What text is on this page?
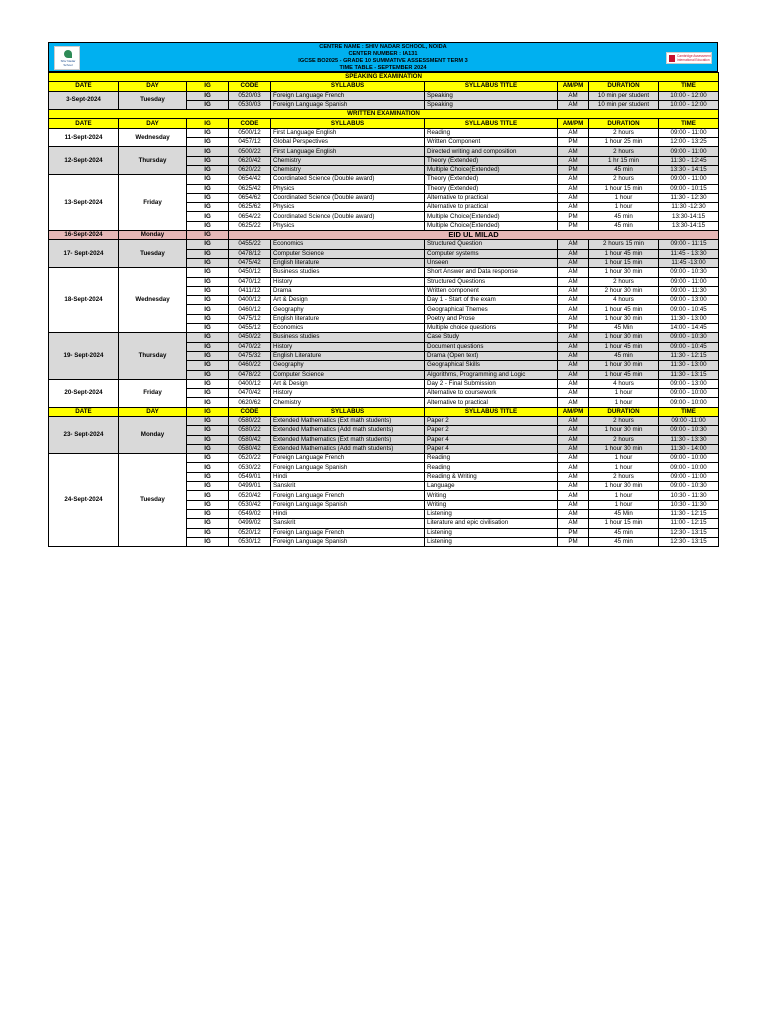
Shiv Nadar School
CENTRE NAME : SHIV NADAR SCHOOL, NOIDA
CENTER NUMBER : IA131
IGCSE BO2025 - GRADE 10 SUMMATIVE ASSESSMENT TERM 3
TIME TABLE - SEPTEMBER 2024
Cambridge Assessment International Education
SPEAKING EXAMINATION								
DATE	DAY	IG	CODE	SYLLABUS	SYLLABUS TITLE	AM/PM	DURATION	TIME
3-Sept-2024	Tuesday	IG	0520/03	Foreign Language French	Speaking	AM	10 min per student	10:00 - 12:00
		IG	0530/03	Foreign Language Spanish	Speaking	AM	10 min per student	10:00 - 12:00
WRITTEN EXAMINATION								
DATE	DAY	IG	CODE	SYLLABUS	SYLLABUS TITLE	AM/PM	DURATION	TIME
11-Sept-2024	Wednesday	IG	0500/12	First Language English	Reading	AM	2 hours	09:00 - 11:00
		IG	0457/12	Global Perspectives	Written Component	PM	1 hour 25 min	12:00 - 13:25
12-Sept-2024	Thursday	IG	0500/22	First Language English	Directed writing and composition	AM	2 hours	09:00 - 11:00
		IG	0620/42	Chemistry	Theory (Extended)	AM	1 hr 15 min	11:30 - 12:45
		IG	0620/22	Chemistry	Multiple Choice(Extended)	PM	45 min	13:30 - 14:15
13-Sept-2024	Friday	IG	0654/42	Coordinated Science (Double award)	Theory (Extended)	AM	2 hours	09:00 - 11:00
		IG	0625/42	Physics	Theory (Extended)	AM	1 hour 15 min	09:00 - 10:15
		IG	0654/62	Coordinated Science (Double award)	Alternative to practical	AM	1 hour	11:30 - 12:30
		IG	0625/62	Physics	Alternative to practical	AM	1 hour	11:30 -12:30
		IG	0654/22	Coordinated Science (Double award)	Multiple Choice(Extended)	PM	45 min	13:30-14:15
		IG	0625/22	Physics	Multiple Choice(Extended)	PM	45 min	13:30-14:15
16-Sept-2024	Monday	IG	EID UL MILAD					
17- Sept-2024	Tuesday	IG	0455/22	Economics	Structured Question	AM	2 hours 15 min	09:00 - 11:15
		IG	0478/12	Computer Science	Computer systems	AM	1 hour 45 min	11:45 - 13:30
		IG	0475/42	English literature	Unseen	AM	1 hour 15 min	11:45 -13:00
18-Sept-2024	Wednesday	IG	0450/12	Business studies	Short Answer and Data response	AM	1 hour 30 min	09:00 - 10:30
		IG	0470/12	History	Structured Questions	AM	2 hours	09:00 - 11:00
		IG	0411/12	Drama	Written component	AM	2 hour 30 min	09:00 - 11:30
		IG	0400/12	Art & Design	Day 1 - Start of the exam	AM	4 hours	09:00 - 13:00
		IG	0460/12	Geography	Geographical Themes	AM	1 hour 45 min	09:00 - 10:45
		IG	0475/12	English literature	Poetry and Prose	AM	1 hour 30 min	11:30 - 13:00
		IG	0455/12	Economics	Multiple choice questions	PM	45 Min	14:00 - 14:45
19- Sept-2024	Thursday	IG	0450/22	Business studies	Case Study	AM	1 hour 30 min	09:00 - 10:30
		IG	0470/22	History	Document questions	AM	1 hour 45 min	09:00 - 10:45
		IG	0475/32	English Literature	Drama (Open text)	AM	45 min	11:30 - 12:15
		IG	0460/22	Geography	Geographical Skills	AM	1 hour 30 min	11:30 - 13:00
		IG	0478/22	Computer Science	Algorithms, Programming and Logic	AM	1 hour 45 min	11:30 - 13:15
20-Sept-2024	Friday	IG	0400/12	Art & Design	Day 2 - Final Submission	AM	4 hours	09:00 - 13:00
		IG	0470/42	History	Alternative to coursework	AM	1 hour	09:00 - 10:00
		IG	0620/62	Chemistry	Alternative to practical	AM	1 hour	09:00 - 10:00
DATE	DAY	IG	CODE	SYLLABUS	SYLLABUS TITLE	AM/PM	DURATION	TIME
23- Sept-2024	Monday	IG	0580/22	Extended Mathematics (Ext math students)	Paper 2	AM	2 hours	09:00 -11:00
		IG	0580/22	Extended Mathematics (Add math students)	Paper 2	AM	1 hour 30 min	09:00 - 10:30
		IG	0580/42	Extended Mathematics (Ext math students)	Paper 4	AM	2 hours	11:30 - 13:30
		IG	0580/42	Extended Mathematics (Add math students)	Paper 4	AM	1 hour 30 min	11:30 - 14:00
24-Sept-2024	Tuesday	IG	0520/22	Foreign Language French	Reading	AM	1 hour	09:00 - 10:00
		IG	0530/22	Foreign Language Spanish	Reading	AM	1 hour	09:00 - 10:00
		IG	0549/01	Hindi	Reading & Writing	AM	2 hours	09:00 - 11:00
		IG	0499/01	Sanskrit	Language	AM	1 hour 30 min	09:00 - 10:30
		IG	0520/42	Foreign Language French	Writing	AM	1 hour	10:30 - 11:30
		IG	0530/42	Foreign Language Spanish	Writing	AM	1 hour	10:30 - 11:30
		IG	0549/02	Hindi	Listening	AM	45 Min	11:30 - 12:15
		IG	0499/02	Sanskrit	Literature and epic civilisation	AM	1 hour 15 min	11:00 - 12:15
		IG	0520/12	Foreign Language French	Listening	PM	45 min	12:30 - 13:15
		IG	0530/12	Foreign Language Spanish	Listening	PM	45 min	12:30 - 13:15
